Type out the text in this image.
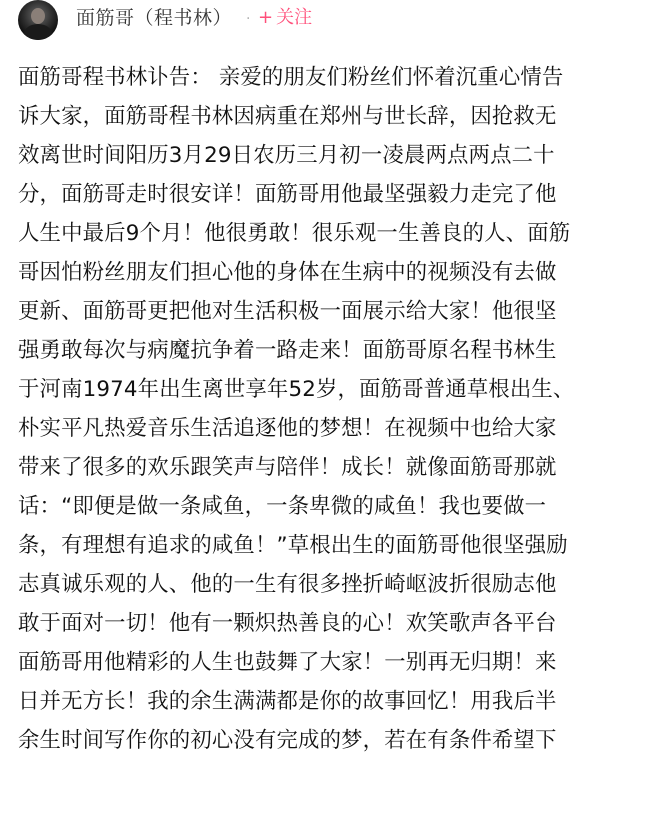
面筋哥（程书林） · + 关注
面筋哥程书林讣告： 亲爱的朋友们粉丝们怀着沉重心情告
诉大家，面筋哥程书林因病重在郑州与世长辞，因抢救无
效离世时间阳历3月29日农历三月初一凌晨两点两点二十
分，面筋哥走时很安详！面筋哥用他最坚强毅力走完了他
人生中最后9个月！他很勇敢！很乐观一生善良的人、面筋
哥因怕粉丝朋友们担心他的身体在生病中的视频没有去做
更新、面筋哥更把他对生活积极一面展示给大家！他很坚
强勇敢每次与病魔抗争着一路走来！面筋哥原名程书林生
于河南1974年出生离世享年52岁，面筋哥普通草根出生、
朴实平凡热爱音乐生活追逐他的梦想！在视频中也给大家
带来了很多的欢乐跟笑声与陪伴！成长！就像面筋哥那就
话：“即便是做一条咸鱼，一条卑微的咸鱼！我也要做一
条，有理想有追求的咸鱼！”草根出生的面筋哥他很坚强励
志真诚乐观的人、他的一生有很多挫折崎岖波折很励志他
敢于面对一切！他有一颗炽热善良的心！欢笑歌声各平台
面筋哥用他精彩的人生也鼓舞了大家！一别再无归期！来
日并无方长！我的余生满满都是你的故事回忆！用我后半
余生时间写作你的初心没有完成的梦，若在有条件希望下
